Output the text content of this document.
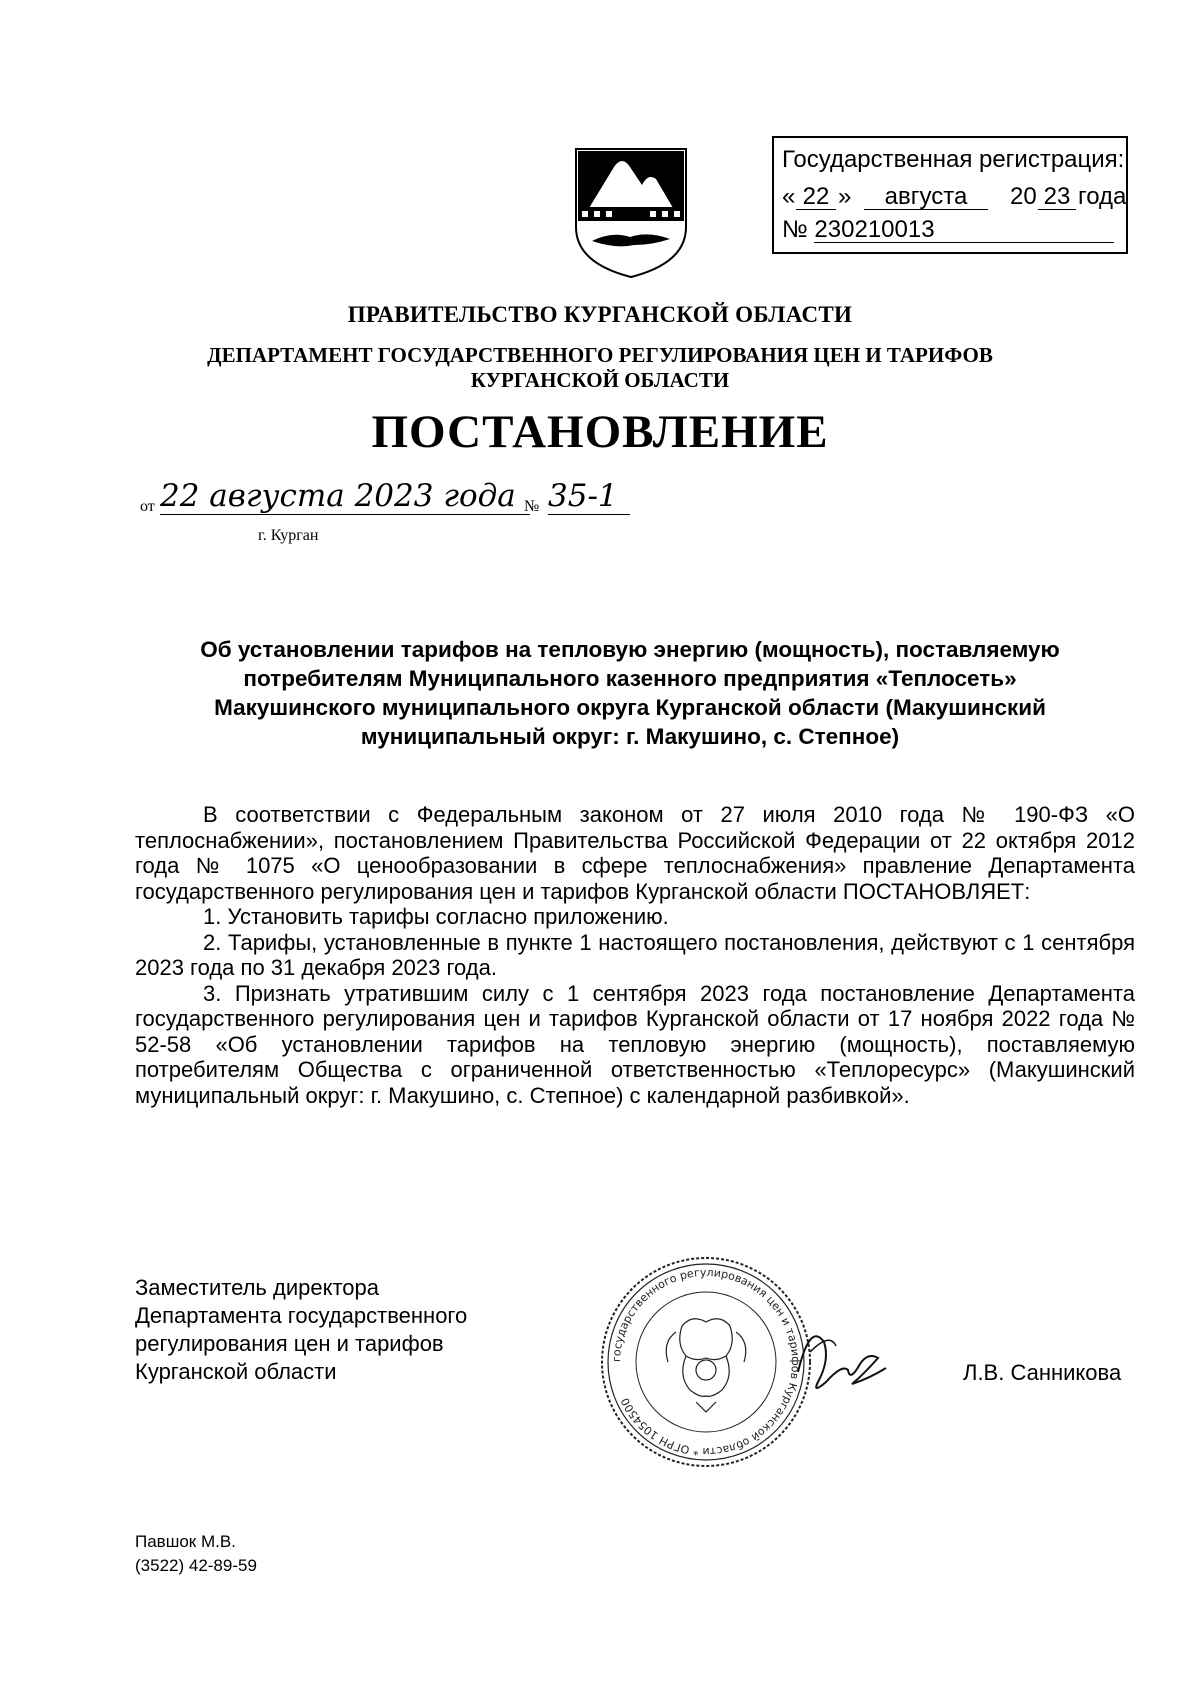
Государственная регистрация:
« 22 »	августа	20 23 года
№ 230210013
ПРАВИТЕЛЬСТВО КУРГАНСКОЙ ОБЛАСТИ
ДЕПАРТАМЕНТ ГОСУДАРСТВЕННОГО РЕГУЛИРОВАНИЯ ЦЕН И ТАРИФОВ
КУРГАНСКОЙ ОБЛАСТИ
ПОСТАНОВЛЕНИЕ
от 22 августа 2023 года № 35-1
г. Курган
Об установлении тарифов на тепловую энергию (мощность), поставляемую
потребителям Муниципального казенного предприятия «Теплосеть»
Макушинского муниципального округа Курганской области (Макушинский
муниципальный округ: г. Макушино, с. Степное)

В соответствии с Федеральным законом от 27 июля 2010 года № 190-ФЗ «О теплоснабжении», постановлением Правительства Российской Федерации от 22 октября 2012 года № 1075 «О ценообразовании в сфере теплоснабжения» правление Департамента государственного регулирования цен и тарифов Курганской области ПОСТАНОВЛЯЕТ:

1. Установить тарифы согласно приложению.

2. Тарифы, установленные в пункте 1 настоящего постановления, действуют с 1 сентября 2023 года по 31 декабря 2023 года.

3. Признать утратившим силу с 1 сентября 2023 года постановление Департамента государственного регулирования цен и тарифов Курганской области от 17 ноября 2022 года № 52-58 «Об установлении тарифов на тепловую энергию (мощность), поставляемую потребителям Общества с ограниченной ответственностью «Теплоресурс» (Макушинский муниципальный округ: г. Макушино, с. Степное) с календарной разбивкой».

Заместитель директора
Департамента государственного
регулирования цен и тарифов
Курганской области	государственного регулирования цен и тарифов Курганской области * ОГРН 1054500
Л.В. Санникова
Павшок М.В.
(3522) 42-89-59
